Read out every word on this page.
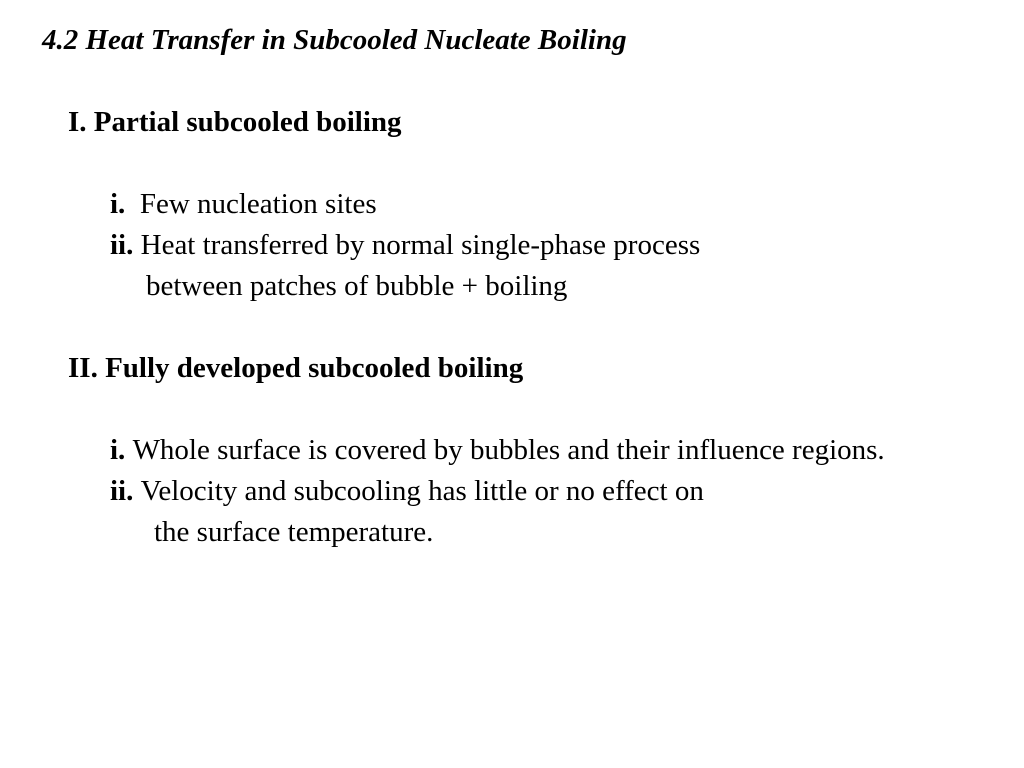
4.2 Heat Transfer in Subcooled Nucleate Boiling
I. Partial subcooled boiling
i. Few nucleation sites
ii. Heat transferred by normal single-phase process
between patches of bubble + boiling
II. Fully developed subcooled boiling
i. Whole surface is covered by bubbles and their influence regions.
ii. Velocity and subcooling has little or no effect on
the surface temperature.
